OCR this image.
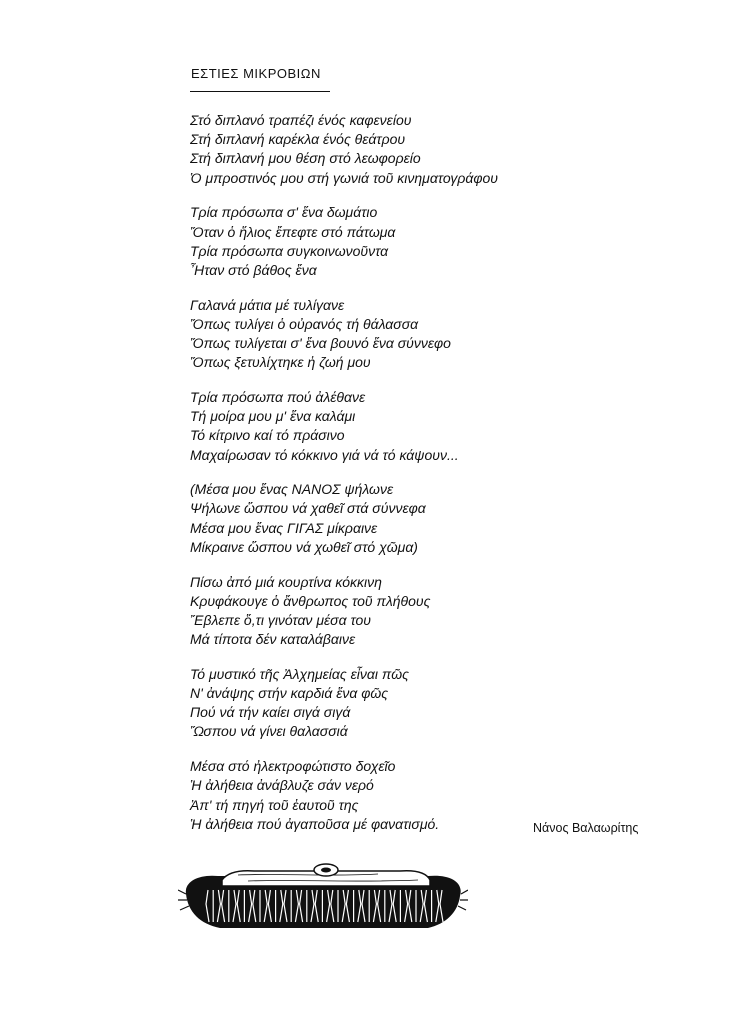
ΕΣΤΙΕΣ ΜΙΚΡΟΒΙΩΝ
Στό διπλανό τραπέζι ένός καφενείου
Στή διπλανή καρέκλα ένός θεάτρου
Στή διπλανή μου θέση στό λεωφορείο
Ὁ μπροστινός μου στή γωνιά τοῦ κινηματογράφου
Τρία πρόσωπα σ' ἕνα δωμάτιο
Ὅταν ὁ ἥλιος ἔπεφτε στό πάτωμα
Τρία πρόσωπα συγκοινωνοῦντα
Ἦταν στό βάθος ἕνα
Γαλανά μάτια μέ τυλίγανε
Ὅπως τυλίγει ὁ οὐρανός τή θάλασσα
Ὅπως τυλίγεται σ' ἕνα βουνό ἕνα σύννεφο
Ὅπως ξετυλίχτηκε ἡ ζωή μου
Τρία πρόσωπα πού ἀλέθανε
Τή μοίρα μου μ' ἕνα καλάμι
Τό κίτρινο καί τό πράσινο
Μαχαίρωσαν τό κόκκινο γιά νά τό κάψουν...
(Μέσα μου ἕνας ΝΑΝΟΣ ψήλωνε
Ψήλωνε ὥσπου νά χαθεῖ στά σύννεφα
Μέσα μου ἕνας ΓΙΓΑΣ μίκραινε
Μίκραινε ὥσπου νά χωθεῖ στό χῶμα)
Πίσω ἀπό μιά κουρτίνα κόκκινη
Κρυφάκουγε ὁ ἄνθρωπος τοῦ πλήθους
Ἔβλεπε ὅ,τι γινόταν μέσα του
Μά τίποτα δέν καταλάβαινε
Τό μυστικό τῆς Ἀλχημείας εἶναι πῶς
Ν' ἀνάψης στήν καρδιά ἕνα φῶς
Πού νά τήν καίει σιγά σιγά
Ὥσπου νά γίνει θαλασσιά
Μέσα στό ἠλεκτροφώτιστο δοχεῖο
Ἡ ἀλήθεια ἀνάβλυζε σάν νερό
Ἀπ' τή πηγή τοῦ ἑαυτοῦ της
Ἡ ἀλήθεια πού ἀγαποῦσα μέ φανατισμό.	Νάνος Βαλαωρίτης
